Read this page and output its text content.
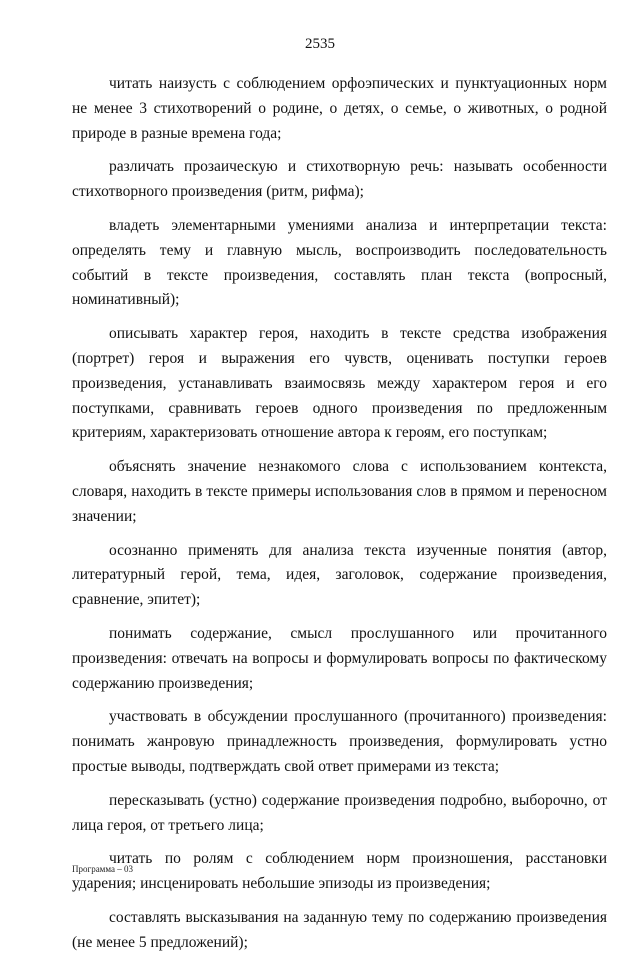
2535

читать наизусть с соблюдением орфоэпических и пунктуационных норм не менее 3 стихотворений о родине, о детях, о семье, о животных, о родной природе в разные времена года;

различать прозаическую и стихотворную речь: называть особенности стихотворного произведения (ритм, рифма);

владеть элементарными умениями анализа и интерпретации текста: определять тему и главную мысль, воспроизводить последовательность событий в тексте произведения, составлять план текста (вопросный, номинативный);

описывать характер героя, находить в тексте средства изображения (портрет) героя и выражения его чувств, оценивать поступки героев произведения, устанавливать взаимосвязь между характером героя и его поступками, сравнивать героев одного произведения по предложенным критериям, характеризовать отношение автора к героям, его поступкам;

объяснять значение незнакомого слова с использованием контекста, словаря, находить в тексте примеры использования слов в прямом и переносном значении;

осознанно применять для анализа текста изученные понятия (автор, литературный герой, тема, идея, заголовок, содержание произведения, сравнение, эпитет);

понимать содержание, смысл прослушанного или прочитанного произведения: отвечать на вопросы и формулировать вопросы по фактическому содержанию произведения;

участвовать в обсуждении прослушанного (прочитанного) произведения: понимать жанровую принадлежность произведения, формулировать устно простые выводы, подтверждать свой ответ примерами из текста;

пересказывать (устно) содержание произведения подробно, выборочно, от лица героя, от третьего лица;

читать по ролям с соблюдением норм произношения, расстановки ударения; инсценировать небольшие эпизоды из произведения;

составлять высказывания на заданную тему по содержанию произведения (не менее 5 предложений);

Программа – 03
